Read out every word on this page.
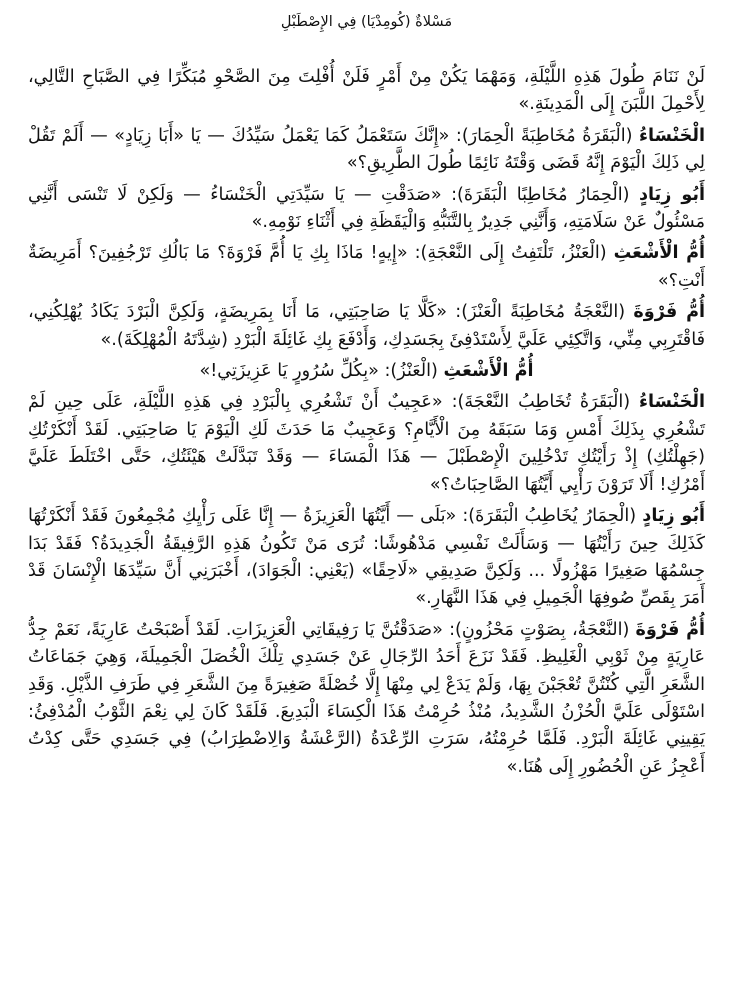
مَسْلاةٌ (كُومِدْيَا) فِي الإِصْطَبْلِ

لَنْ نَنَامَ طُولَ هَذِهِ اللَّيْلَةِ، وَمَهْمَا يَكُنْ مِنْ أَمْرٍ فَلَنْ أُفْلِتَ مِنَ الصَّحْوِ مُبَكِّرًا فِي الصَّبَاحِ التَّالِي، لِأَحْمِلَ اللَّبَنَ إِلَى الْمَدِينَةِ.»

الْخَنْسَاءُ (الْبَقَرَةُ مُخَاطِبَةً الْحِمَارَ): «إِنَّكَ سَتَعْمَلُ كَمَا يَعْمَلُ سَيِّدُكَ — يَا «أَبَا زِيَادٍ» — أَلَمْ تَقُلْ لِي ذَلِكَ الْيَوْمَ إِنَّهُ قَضَى وَقْتَهُ نَائِمًا طُولَ الطَّرِيقِ؟»

أَبُو زِيَادٍ (الْحِمَارُ مُخَاطِبًا الْبَقَرَةَ): «صَدَقْتِ — يَا سَيِّدَتِي الْخَنْسَاءُ — وَلَكِنْ لَا تَنْسَى أَنَّنِي مَسْئُولٌ عَنْ سَلَامَتِهِ، وَأَنَّنِي جَدِيرٌ بِالتَّنَبُّهِ وَالْيَقَظَةِ فِي أَثْنَاءِ نَوْمِهِ.»

أُمُّ الْأَشْعَثِ (الْعَنْزُ، تَلْتَفِتُ إِلَى النَّعْجَةِ): «إِيهٍ! مَاذَا بِكِ يَا أُمَّ فَرْوَةَ؟ مَا بَالُكِ تَرْجُفِينَ؟ أَمَرِيضَةٌ أَنْتِ؟»

أُمُّ فَرْوَةَ (النَّعْجَةُ مُخَاطِبَةً الْعَنْزَ): «كَلَّا يَا صَاحِبَتِي، مَا أَنَا بِمَرِيضَةٍ، وَلَكِنَّ الْبَرْدَ يَكَادُ يُهْلِكُنِي، فَاقْتَرِبِي مِنِّي، وَاتَّكِئِي عَلَيَّ لِأَسْتَدْفِئَ بِجَسَدِكِ، وَأَدْفَعَ بِكِ غَائِلَةَ الْبَرْدِ (شِدَّتَهُ الْمُهْلِكَةَ).»

أُمُّ الْأَشْعَثِ (الْعَنْزُ): «بِكُلِّ سُرُورٍ يَا عَزِيزَتِي!»

الْخَنْسَاءُ (الْبَقَرَةُ تُخَاطِبُ النَّعْجَةَ): «عَجِيبٌ أَنْ تَشْعُرِي بِالْبَرْدِ فِي هَذِهِ اللَّيْلَةِ، عَلَى حِينِ لَمْ تَشْعُرِي بِذَلِكَ أَمْسِ وَمَا سَبَقَهُ مِنَ الْأَيَّامِ؟ وَعَجِيبٌ مَا حَدَثَ لَكِ الْيَوْمَ يَا صَاحِبَتِي. لَقَدْ أَنْكَرْتُكِ (جَهِلْتُكِ) إِذْ رَأَيْتُكِ تَدْخُلِينَ الْإِصْطَبْلَ — هَذَا الْمَسَاءَ — وَقَدْ تَبَدَّلَتْ هَيْئَتُكِ، حَتَّى اخْتَلَطَ عَلَيَّ أَمْرُكِ! أَلَا تَرَوْنَ رَأْيِي أَيَّتُهَا الصَّاحِبَاتُ؟»

أَبُو زِيَادٍ (الْحِمَارُ يُخَاطِبُ الْبَقَرَةَ): «بَلَى — أَيَّتُهَا الْعَزِيزَةُ — إِنَّا عَلَى رَأْيِكِ مُجْمِعُونَ فَقَدْ أَنْكَرْتُهَا كَذَلِكَ حِينَ رَأَيْتُهَا — وَسَأَلَتْ نَفْسِي مَدْهُوشًا: تُرَى مَنْ تَكُونُ هَذِهِ الرَّفِيقَةُ الْجَدِيدَةُ؟ فَقَدْ بَدَا جِسْمُهَا صَغِيرًا مَهْزُولًا ... وَلَكِنَّ صَدِيقِي «لَاحِقًا» (يَعْنِي: الْجَوَادَ)، أَخْبَرَنِي أَنَّ سَيِّدَهَا الْإِنْسَانَ قَدْ أَمَرَ بِقَصِّ صُوفِهَا الْجَمِيلِ فِي هَذَا النَّهَارِ.»

أُمُّ فَرْوَةَ (النَّعْجَةُ، بِصَوْتٍ مَحْزُونٍ): «صَدَقْتُنَّ يَا رَفِيقَاتِي الْعَزِيزَاتِ. لَقَدْ أَصْبَحْتُ عَارِيَةً، نَعَمْ جِدُّ عَارِيَةٍ مِنْ ثَوْبِي الْغَلِيظِ. فَقَدْ نَزَعَ أَحَدُ الرِّجَالِ عَنْ جَسَدِي تِلْكَ الْخُصَلَ الْجَمِيلَةَ، وَهِيَ جَمَاعَاتُ الشَّعَرِ الَّتِي كُنْتُنَّ تُعْجَبْنَ بِهَا، وَلَمْ يَدَعْ لِي مِنْهَا إِلَّا خُصْلَةً صَغِيرَةً مِنَ الشَّعَرِ فِي طَرَفِ الذَّيْلِ. وَقَدِ اسْتَوْلَى عَلَيَّ الْحُزْنُ الشَّدِيدُ، مُنْذُ حُرِمْتُ هَذَا الْكِسَاءَ الْبَدِيعَ. فَلَقَدْ كَانَ لِي نِعْمَ الثَّوْبُ الْمُدْفِئُ: يَقِينِي غَائِلَةَ الْبَرْدِ. فَلَمَّا حُرِمْتُهُ، سَرَتِ الرِّعْدَةُ (الرَّعْشَةُ وَالِاضْطِرَابُ) فِي جَسَدِي حَتَّى كِدْتُ أَعْجِزُ عَنِ الْحُضُورِ إِلَى هُنَا.»
